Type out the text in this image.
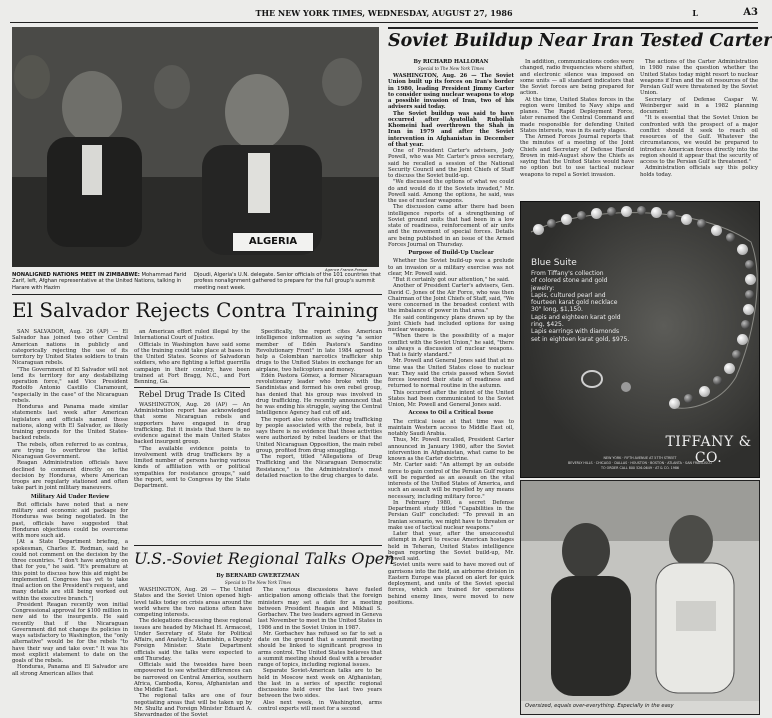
THE NEW YORK TIMES, WEDNESDAY, AUGUST 27, 1986	L	A3
ALGERIA
Agence France-Presse
NONALIGNED NATIONS MEET IN ZIMBABWE: Mohammad Farid Zarif, left, Afghan representative at the United Nations, talking in Harare with Hazim
Djoudi, Algeria's U.N. delegate. Senior officials of the 101 countries that profess nonalignment gathered to prepare for the full group's summit meeting next week.
El Salvador Rejects Contra Training

SAN SALVADOR, Aug. 26 (AP) — El Salvador has joined two other Central American nations in publicly and categorically rejecting the use of its territory by United States soldiers to train Nicaraguan rebels.

"The Government of El Salvador will not lend its territory for any destabilizing operation force," said Vice President Rodolfo Antonio Castillo Claramount, "especially in the case" of the Nicaraguan rebels.

Honduras and Panama made similar statements last week after American legislators and officials named those nations, along with El Salvador, as likely training grounds for the United States-backed rebels.

The rebels, often referred to as contras, are trying to overthrow the leftist Nicaraguan Government.

Reagan Administration officials have declined to comment directly on the decision by Honduras, where American troops are regularly stationed and often take part in joint military maneuvers.

Military Aid Under Review

But officials have noted that a new military and economic aid package for Honduras was being negotiated. In the past, officials have suggested that Honduran objections could be overcome with more such aid.

[At a State Department briefing, a spokesman, Charles E. Redman, said he could not comment on the decision by the three countries. "I don't have anything on that for you," he said. "It's premature at this point to discuss how this aid might be implemented. Congress has yet to take final action on the President's request, and many details are still being worked out within the executive branch."]

President Reagan recently won initial Congressional approval for $100 million in new aid to the insurgents. He said recently that if the Nicaraguan Government did not change its policies in ways satisfactory to Washington, the "only alternative" would be for the rebels "to have their way and take over." It was his most explicit statement to date on the goals of the rebels.

Honduras, Panama and El Salvador are all strong American allies that

an American effort ruled illegal by the International Court of Justice.

Officials in Washington have said some of the training could take place at bases in the United States. Scores of Salvadoran soldiers, who are fighting a leftist guerrilla campaign in their country, have been trained at Fort Bragg, N.C., and Fort Benning, Ga.

Rebel Drug Trade Is Cited

WASHINGTON, Aug. 26 (AP) — An Administration report has acknowledged that some Nicaraguan rebels and supporters have engaged in drug trafficking. But it insists that there is no evidence against the main United States backed insurgent group.

"The available evidence points to involvement with drug traffickers by a limited number of persons having various kinds of affiliation with or political sympathies for resistance groups," said the report, sent to Congress by the State Department.

Specifically, the report cites American intelligence information as saying "a senior member of Edén Pastora's Sandino Revolutionary Front" in late 1984 agreed to help a Colombian narcotics trafficker ship drugs to the United States in exchange for an airplane, two helicopters and money.

Edén Pastora Gómez, a former Nicaraguan revolutionary leader who broke with the Sandinistas and formed his own rebel group, has denied that his group was involved in drug trafficking. He recently announced that he was ending his struggle, saying the Central Intelligence Agency had cut off aid.

The report also notes other drug trafficking by people associated with the rebels, but it says there is no evidence that those activities were authorized by rebel leaders or that the United Nicaraguan Opposition, the main rebel group, profited from drug smuggling.

The report, titled "Allegations of Drug Trafficking and the Nicaraguan Democratic Resistance," is the Administration's most detailed reaction to the drug charges to date.

U.S.-Soviet Regional Talks Open
By BERNARD GWERTZMAN
Special to The New York Times

WASHINGTON, Aug. 26 — The United States and the Soviet Union opened high-level talks today on crisis areas around the world where the two nations often have competing interests.

The delegations discussing these regional issues are headed by Michael H. Armacost, Under Secretary of State for Political Affairs, and Anatoly L. Adamishin, a Deputy Foreign Minister. State Department officials said the talks were expected to end Thursday.

Officials said the twosides have been empowered to see whether differences can be narrowed on Central America, southern Africa, Cambodia, Korea, Afghanistan and the Middle East.

The regional talks are one of four negotiating areas that will be taken up by Mr. Shultz and Foreign Minister Eduard A. Shevardnadze of the Soviet

The various discussions have fueled anticipation among officials that the foreign ministers may set a date for a meeting between President Reagan and Mikhail S. Gorbachev. The two leaders agreed in Geneva last November to meet in the United States in 1986 and in the Soviet Union in 1987.

Mr. Gorbachev has refused so far to set a date on the ground that a summit meeting should be linked to significant progress in arms control. The United States believes that a summit meeting should deal with a broader range of topics, including regional issues.

Separate Soviet-American talks are to be held in Moscow next week on Afghanistan, the last in a series of specific regional discussions held over the last two years between the two sides.

Also next week, in Washington, arms control experts will meet for a second

Soviet Buildup Near Iran Tested Carter
By RICHARD HALLORAN
Special to The New York Times

WASHINGTON, Aug. 26 — The Soviet Union built up its forces on Iran's border in 1980, leading President Jimmy Carter to consider using nuclear weapons to stop a possible invasion of Iran, two of his advisers said today.

The Soviet buildup was said to have occurred after Ayatollah Ruhollah Khomeini had overthrown the Shah in Iran in 1979 and after the Soviet intervention in Afghanistan in December of that year.

One of President Carter's advisers, Jody Powell, who was Mr. Carter's press secretary, said he recalled a session of the National Security Council and the Joint Chiefs of Staff to discuss the Soviet build-up.

"We discussed the options of what we could do and would do if the Soviets invaded," Mr. Powell said. Among the options, he said, was the use of nuclear weapons.

The discussion came after there had been intelligence reports of a strengthening of Soviet ground units that had been in a low state of readiness, reinforcement of air units and the movement of special forces. Details are being published in an issue of the Armed Forces Journal on Thursday.

Purpose of Build-Up Unclear

Whether the Soviet build-up was a prelude to an invasion or a military exercise was not clear, Mr. Powell said.

"But it certainly got our attention," he said.

Another of President Carter's advisers, Gen. David C. Jones of the Air Force, who was then Chairman of the Joint Chiefs of Staff, said, "We were concerned in the broadest context with the imbalance of power in that area."

He said contingency plans drawn up by the Joint Chiefs had included options for using nuclear weapons.

"When there is the possibility of a major conflict with the Soviet Union," he said, "there is always a discussion of nuclear weapons. That is fairly standard."

Mr. Powell and General Jones said that at no time was the United States close to nuclear war. They said the crisis passed when Soviet forces lowered their state of readiness and returned to normal routine in the autumn.

This occurred after the intent of the United States had been communicated to the Soviet Union, Mr. Powell and General Jones said.

Access to Oil a Critical Issue

The critical issue at that time was to maintain Western access to Middle East oil, notably Saudi Arabia.

Thus, Mr. Powell recalled, President Carter announced in January 1980, after the Soviet intervention in Afghanistan, what came to be known as the Carter doctrine.

Mr. Carter said: "An attempt by an outside force to gain control of the Persian Gulf region will be regarded as an assault on the vital interests of the United States of America, and such an assault will be repelled by any means necessary, including military force."

In February 1980, a secret Defense Department study titled "Capabilities in the Persian Gulf" concluded: "To prevail in an Iranian scenario, we might have to threaten or make use of tactical nuclear weapons."

Later that year, after the unsuccessful attempt in April to rescue American hostages held in Teheran, United States intelligence began reporting the Soviet build-up, Mr. Powell said.

Soviet units were said to have moved out of garrisons into the field, an airborne division in Eastern Europe was placed on alert for quick deployment, and units of the Soviet special forces, which are trained for operations behind enemy lines, were moved to new positions.

In addition, communications codes were changed, radio frequencies where shifted, and electronic silence was imposed on some units — all standard indicators that the Soviet forces are being prepared for action.

At the time, United States forces in the region were limited to Navy ships and planes. The Rapid Deployment Force, later renamed the Central Command and made responsible for defending United States interests, was in its early stages.

The Armed Forces Journal reports that the minutes of a meeting of the Joint Chiefs and Secretary of Defense Harold Brown in mid-August show the Chiefs as saying that the United States would have no option but to use tactical nuclear weapons to repel a Soviet invasion.

The actions of the Carter Administration in 1980 raise the question whether the United States today might resort to nuclear weapons if Iran and the oil resources of the Persian Gulf were threatened by the Soviet Union.

Secretary of Defense Caspar W. Weinberger said in a 1982 planning document:

"It is essential that the Soviet Union be confronted with the prospect of a major conflict should it seek to reach oil resources of the Gulf. Whatever the circumstances, we would be prepared to introduce American forces directly into the region should it appear that the security of access to the Persian Gulf is threatened."

Administration officials say this policy holds today.

Blue Suite
From Tiffany's collection
of colored stone and gold
jewelry:
Lapis, cultured pearl and
fourteen karat gold necklace
30" long, $1,150.
Lapis and eighteen karat gold
ring, $425.
Lapis earrings with diamonds
set in eighteen karat gold, $975.
TIFFANY & CO.
NEW YORK · FIFTH AVENUE AT 57TH STREET
BEVERLY HILLS · CHICAGO · DALLAS · HOUSTON · BOSTON · ATLANTA · SAN FRANCISCO
TO ORDER CALL 800 526-0649 · AT & CO. 1986
Oversized, equals over-everything. Especially in the easy
